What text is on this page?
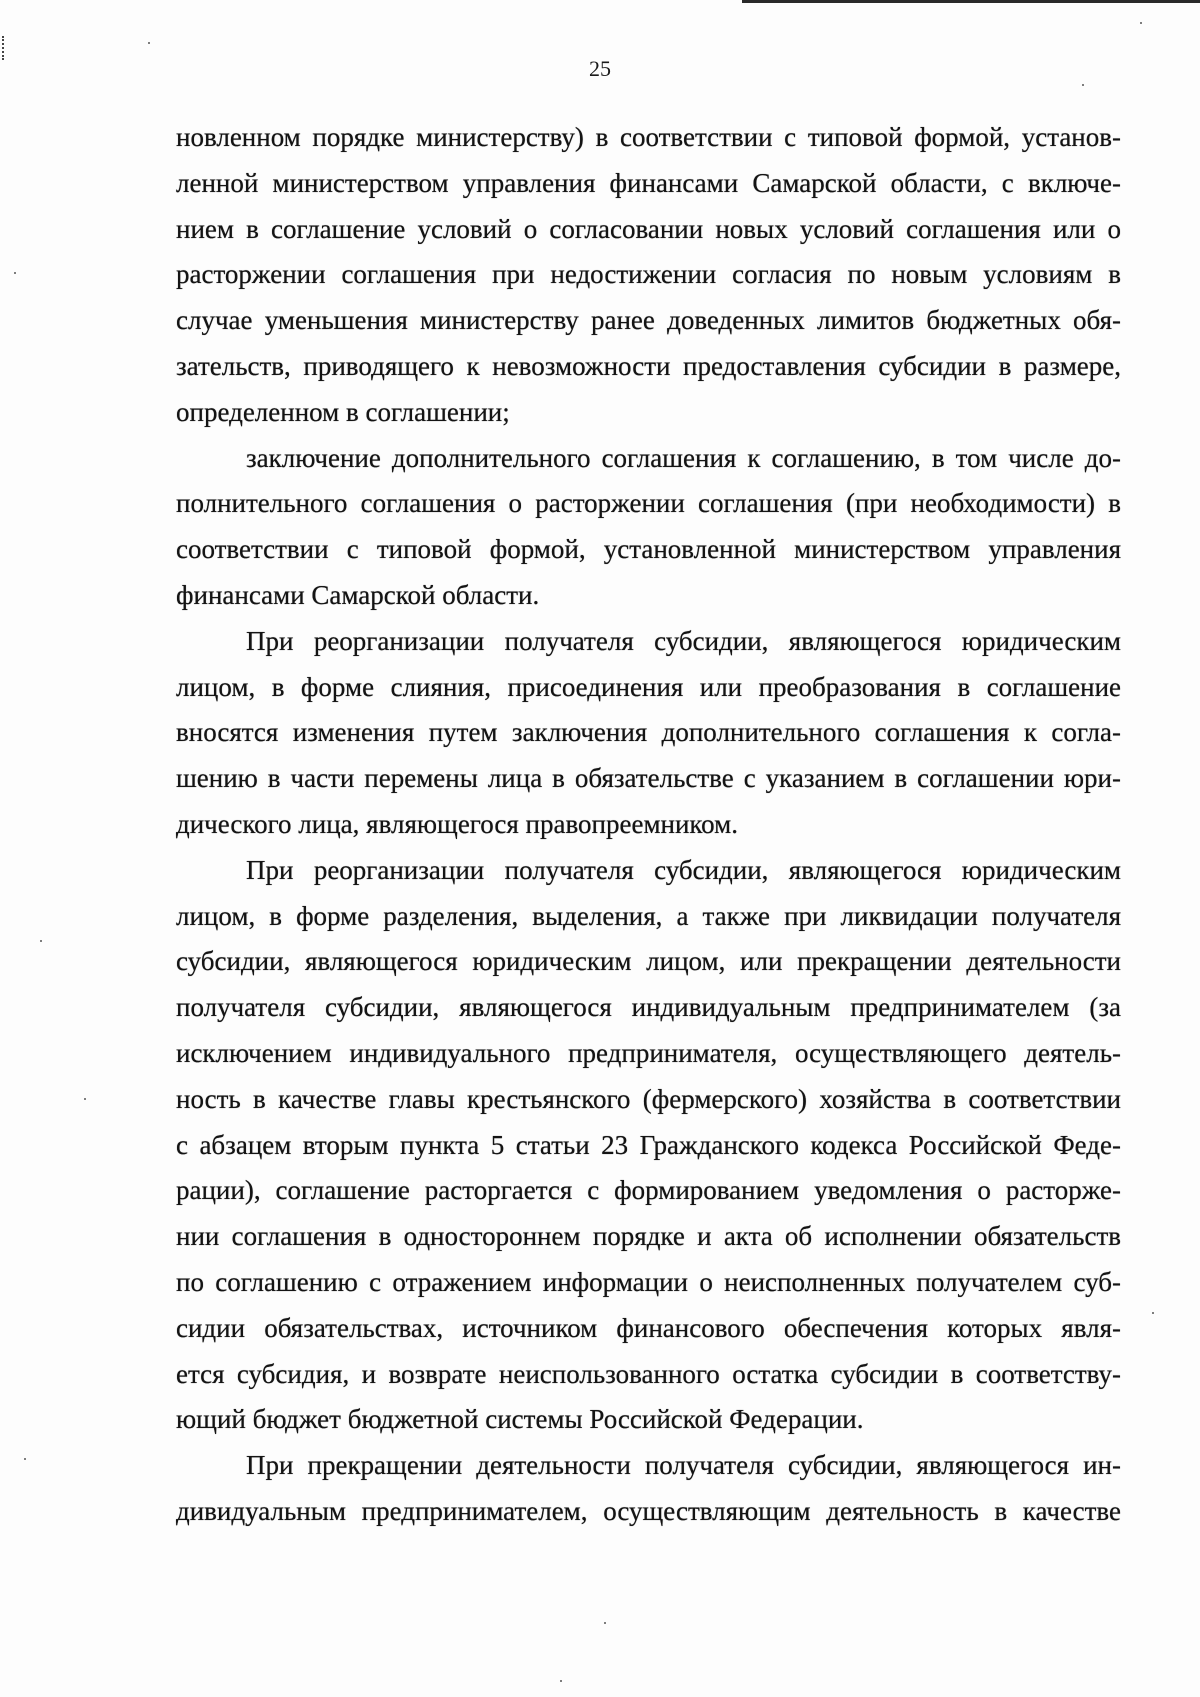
25
новленном порядке министерству) в соответствии с типовой формой, установ-
ленной министерством управления финансами Самарской области, с включе-
нием в соглашение условий о согласовании новых условий соглашения или о
расторжении соглашения при недостижении согласия по новым условиям в
случае уменьшения министерству ранее доведенных лимитов бюджетных обя-
зательств, приводящего к невозможности предоставления субсидии в размере,
определенном в соглашении;
заключение дополнительного соглашения к соглашению, в том числе до-
полнительного соглашения о расторжении соглашения (при необходимости) в
соответствии с типовой формой, установленной министерством управления
финансами Самарской области.
При реорганизации получателя субсидии, являющегося юридическим
лицом, в форме слияния, присоединения или преобразования в соглашение
вносятся изменения путем заключения дополнительного соглашения к согла-
шению в части перемены лица в обязательстве с указанием в соглашении юри-
дического лица, являющегося правопреемником.
При реорганизации получателя субсидии, являющегося юридическим
лицом, в форме разделения, выделения, а также при ликвидации получателя
субсидии, являющегося юридическим лицом, или прекращении деятельности
получателя субсидии, являющегося индивидуальным предпринимателем (за
исключением индивидуального предпринимателя, осуществляющего деятель-
ность в качестве главы крестьянского (фермерского) хозяйства в соответствии
с абзацем вторым пункта 5 статьи 23 Гражданского кодекса Российской Феде-
рации), соглашение расторгается с формированием уведомления о расторже-
нии соглашения в одностороннем порядке и акта об исполнении обязательств
по соглашению с отражением информации о неисполненных получателем суб-
сидии обязательствах, источником финансового обеспечения которых явля-
ется субсидия, и возврате неиспользованного остатка субсидии в соответству-
ющий бюджет бюджетной системы Российской Федерации.
При прекращении деятельности получателя субсидии, являющегося ин-
дивидуальным предпринимателем, осуществляющим деятельность в качестве
